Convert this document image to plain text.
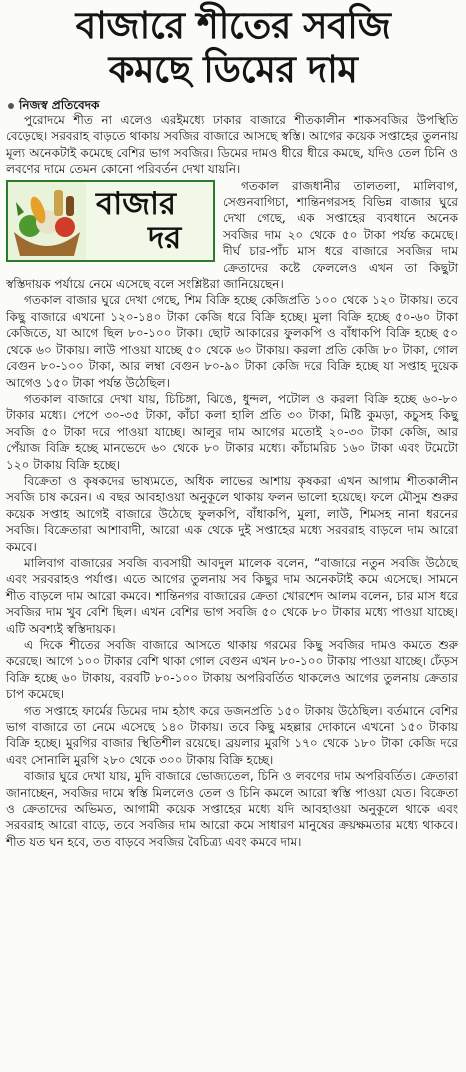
বাজারে শীতের সবজি
কমছে ডিমের দাম
নিজস্ব প্রতিবেদক

পুরোদমে শীত না এলেও এরইমধ্যে ঢাকার বাজারে শীতকালীন শাকসবজির উপস্থিতি বেড়েছে। সরবরাহ বাড়তে থাকায় সবজির বাজারে আসছে স্বস্তি। আগের কয়েক সপ্তাহের তুলনায় মূল্য অনেকটাই কমেছে বেশির ভাগ সবজির। ডিমের দামও ধীরে ধীরে কমছে, যদিও তেল চিনি ও লবণের দামে তেমন কোনো পরিবর্তন দেখা যায়নি।

বাজার
দর

গতকাল রাজধানীর তালতলা, মালিবাগ, সেগুনবাগিচা, শান্তিনগরসহ বিভিন্ন বাজার ঘুরে দেখা গেছে, এক সপ্তাহের ব্যবধানে অনেক সবজির দাম ২০ থেকে ৫০ টাকা পর্যন্ত কমেছে। দীর্ঘ চার-পাঁচ মাস ধরে বাজারে সবজির দাম ক্রেতাদের কষ্টে ফেললেও এখন তা কিছুটা স্বস্তিদায়ক পর্যায়ে নেমে এসেছে বলে সংশ্লিষ্টরা জানিয়েছেন।

গতকাল বাজার ঘুরে দেখা গেছে, শিম বিক্রি হচ্ছে কেজিপ্রতি ১০০ থেকে ১২০ টাকায়। তবে কিছু বাজারে এখনো ১২০-১৪০ টাকা কেজি ধরে বিক্রি হচ্ছে। মুলা বিক্রি হচ্ছে ৫০-৬০ টাকা কেজিতে, যা আগে ছিল ৮০-১০০ টাকা। ছোট আকারের ফুলকপি ও বাঁধাকপি বিক্রি হচ্ছে ৫০ থেকে ৬০ টাকায়। লাউ পাওয়া যাচ্ছে ৫০ থেকে ৬০ টাকায়। করলা প্রতি কেজি ৮০ টাকা, গোল বেগুন ৮০-১০০ টাকা, আর লম্বা বেগুন ৮০-৯০ টাকা কেজি দরে বিক্রি হচ্ছে যা সপ্তাহ দুয়েক আগেও ১৫০ টাকা পর্যন্ত উঠেছিল।

গতকাল বাজারে দেখা যায়, চিচিঙ্গা, ঝিঙে, ধুন্দল, পটোল ও করলা বিক্রি হচ্ছে ৬০-৮০ টাকার মধ্যে। পেপে ৩০-৩৫ টাকা, কাঁচা কলা হালি প্রতি ৩০ টাকা, মিষ্টি কুমড়া, কচুসহ কিছু সবজি ৫০ টাকা দরে পাওয়া যাচ্ছে। আলুর দাম আগের মতোই ২০-৩০ টাকা কেজি, আর পেঁয়াজ বিক্রি হচ্ছে মানভেদে ৬০ থেকে ৮০ টাকার মধ্যে। কাঁচামরিচ ১৬০ টাকা এবং টমেটো ১২০ টাকায় বিক্রি হচ্ছে।

বিক্রেতা ও কৃষকদের ভাষ্যমতে, অধিক লাভের আশায় কৃষকরা এখন আগাম শীতকালীন সবজি চাষ করেন। এ বছর আবহাওয়া অনুকূলে থাকায় ফলন ভালো হয়েছে। ফলে মৌসুম শুরুর কয়েক সপ্তাহ আগেই বাজারে উঠেছে ফুলকপি, বাঁধাকপি, মুলা, লাউ, শিমসহ নানা ধরনের সবজি। বিক্রেতারা আশাবাদী, আরো এক থেকে দুই সপ্তাহের মধ্যে সরবরাহ বাড়লে দাম আরো কমবে।

মালিবাগ বাজারের সবজি ব্যবসায়ী আবদুল মালেক বলেন, “বাজারে নতুন সবজি উঠেছে এবং সরবরাহও পর্যাপ্ত। এতে আগের তুলনায় সব কিছুর দাম অনেকটাই কমে এসেছে। সামনে শীত বাড়লে দাম আরো কমবে। শান্তিনগর বাজারের ক্রেতা খোরশেদ আলম বলেন, চার মাস ধরে সবজির দাম খুব বেশি ছিল। এখন বেশির ভাগ সবজি ৫০ থেকে ৮০ টাকার মধ্যে পাওয়া যাচ্ছে। এটি অবশ্যই স্বস্তিদায়ক।

এ দিকে শীতের সবজি বাজারে আসতে থাকায় গরমের কিছু সবজির দামও কমতে শুরু করেছে। আগে ১০০ টাকার বেশি থাকা গোল বেগুন এখন ৮০-১০০ টাকায় পাওয়া যাচ্ছে। ঢেঁড়স বিক্রি হচ্ছে ৬০ টাকায়, বরবটি ৮০-১০০ টাকায় অপরিবর্তিত থাকলেও আগের তুলনায় ক্রেতার চাপ কমেছে।

গত সপ্তাহে ফার্মের ডিমের দাম হঠাৎ করে ডজনপ্রতি ১৫০ টাকায় উঠেছিল। বর্তমানে বেশির ভাগ বাজারে তা নেমে এসেছে ১৪০ টাকায়। তবে কিছু মহল্লার দোকানে এখনো ১৫০ টাকায় বিক্রি হচ্ছে। মুরগির বাজার স্থিতিশীল রয়েছে। ব্রয়লার মুরগি ১৭০ থেকে ১৮০ টাকা কেজি দরে এবং সোনালি মুরগি ২৮০ থেকে ৩০০ টাকায় বিক্রি হচ্ছে।

বাজার ঘুরে দেখা যায়, মুদি বাজারে ভোজ্যতেল, চিনি ও লবণের দাম অপরিবর্তিত। ক্রেতারা জানাচ্ছেন, সবজির দামে স্বস্তি মিললেও তেল ও চিনি কমলে আরো স্বস্তি পাওয়া যেত। বিক্রেতা ও ক্রেতাদের অভিমত, আগামী কয়েক সপ্তাহের মধ্যে যদি আবহাওয়া অনুকূলে থাকে এবং সরবরাহ আরো বাড়ে, তবে সবজির দাম আরো কমে সাধারণ মানুষের ক্রয়ক্ষমতার মধ্যে থাকবে। শীত যত ঘন হবে, তত বাড়বে সবজির বৈচিত্র্য এবং কমবে দাম।
